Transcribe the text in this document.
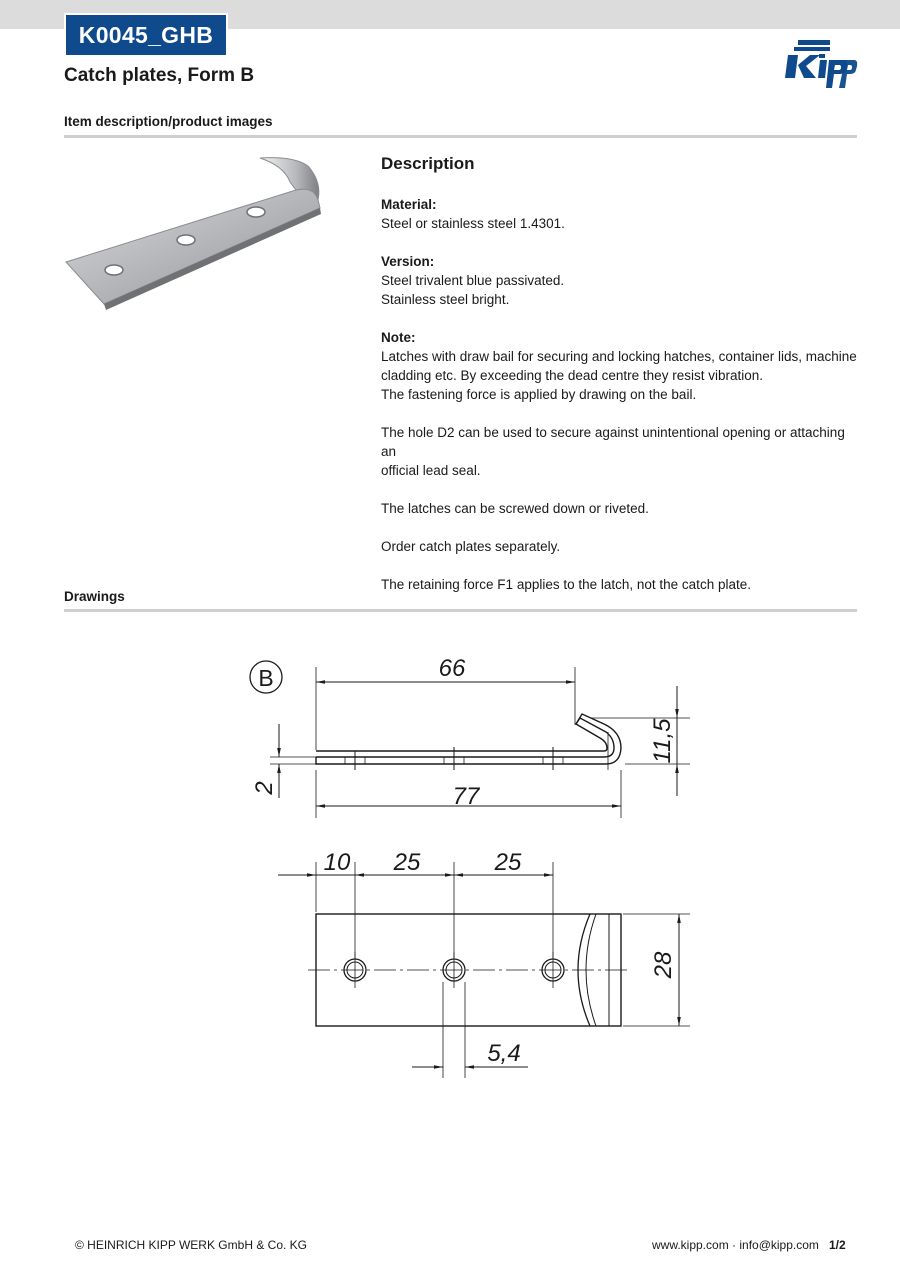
K0045_GHB
Catch plates, Form B
Item description/product images
Description
Material:
Steel or stainless steel 1.4301.
Version:
Steel trivalent blue passivated.
Stainless steel bright.
Note:
Latches with draw bail for securing and locking hatches, container lids, machine
cladding etc. By exceeding the dead centre they resist vibration.
The fastening force is applied by drawing on the bail.
The hole D2 can be used to secure against unintentional opening or attaching an
official lead seal.
The latches can be screwed down or riveted.
Order catch plates separately.
The retaining force F1 applies to the latch, not the catch plate.
Drawings
B	66
11,5
2	77
10 25	25
28
5,4
© HEINRICH KIPP WERK GmbH & Co. KG	www.kipp.com · info@kipp.com 1/2
